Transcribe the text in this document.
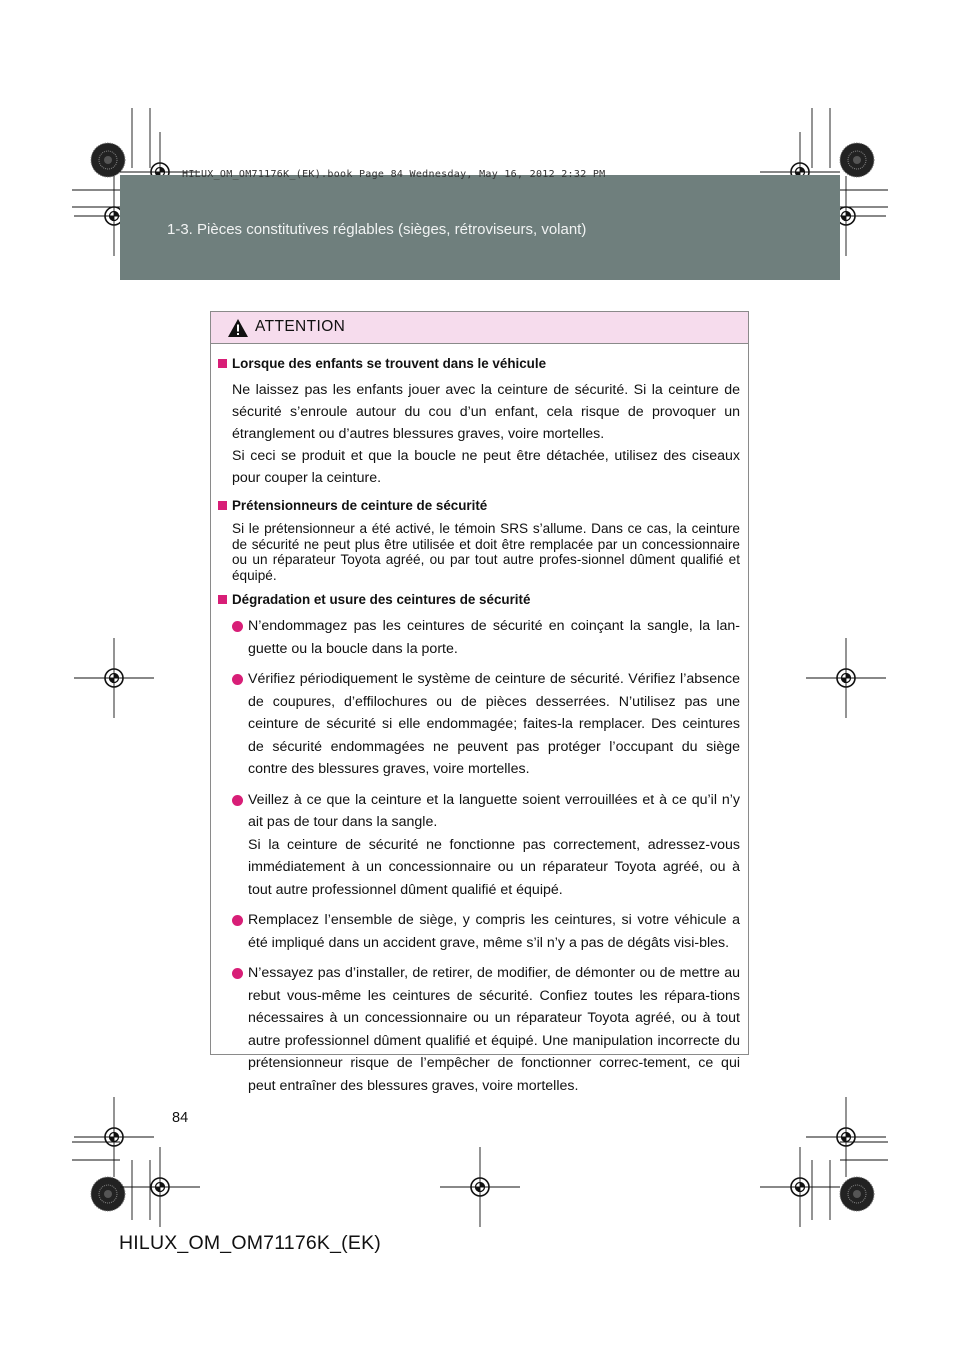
HILUX_OM_OM71176K_(EK).book Page 84 Wednesday, May 16, 2012 2:32 PM
1-3. Pièces constitutives réglables (sièges, rétroviseurs, volant)
ATTENTION
Lorsque des enfants se trouvent dans le véhicule

Ne laissez pas les enfants jouer avec la ceinture de sécurité. Si la ceinture de sécurité s’enroule autour du cou d’un enfant, cela risque de provoquer un étranglement ou d’autres blessures graves, voire mortelles.

Si ceci se produit et que la boucle ne peut être détachée, utilisez des ciseaux pour couper la ceinture.

Prétensionneurs de ceinture de sécurité

Si le prétensionneur a été activé, le témoin SRS s’allume. Dans ce cas, la ceinture de sécurité ne peut plus être utilisée et doit être remplacée par un concessionnaire ou un réparateur Toyota agréé, ou par tout autre profes-sionnel dûment qualifié et équipé.

Dégradation et usure des ceintures de sécurité
N’endommagez pas les ceintures de sécurité en coinçant la sangle, la lan-guette ou la boucle dans la porte.
Vérifiez périodiquement le système de ceinture de sécurité. Vérifiez l’absence de coupures, d’effilochures ou de pièces desserrées. N’utilisez pas une ceinture de sécurité si elle endommagée; faites-la remplacer. Des ceintures de sécurité endommagées ne peuvent pas protéger l’occupant du siège contre des blessures graves, voire mortelles.
Veillez à ce que la ceinture et la languette soient verrouillées et à ce qu’il n’y ait pas de tour dans la sangle.
Si la ceinture de sécurité ne fonctionne pas correctement, adressez-vous immédiatement à un concessionnaire ou un réparateur Toyota agréé, ou à tout autre professionnel dûment qualifié et équipé.
Remplacez l’ensemble de siège, y compris les ceintures, si votre véhicule a été impliqué dans un accident grave, même s’il n’y a pas de dégâts visi-bles.
N’essayez pas d’installer, de retirer, de modifier, de démonter ou de mettre au rebut vous-même les ceintures de sécurité. Confiez toutes les répara-tions nécessaires à un concessionnaire ou un réparateur Toyota agréé, ou à tout autre professionnel dûment qualifié et équipé. Une manipulation incorrecte du prétensionneur risque de l’empêcher de fonctionner correc-tement, ce qui peut entraîner des blessures graves, voire mortelles.
84
HILUX_OM_OM71176K_(EK)
